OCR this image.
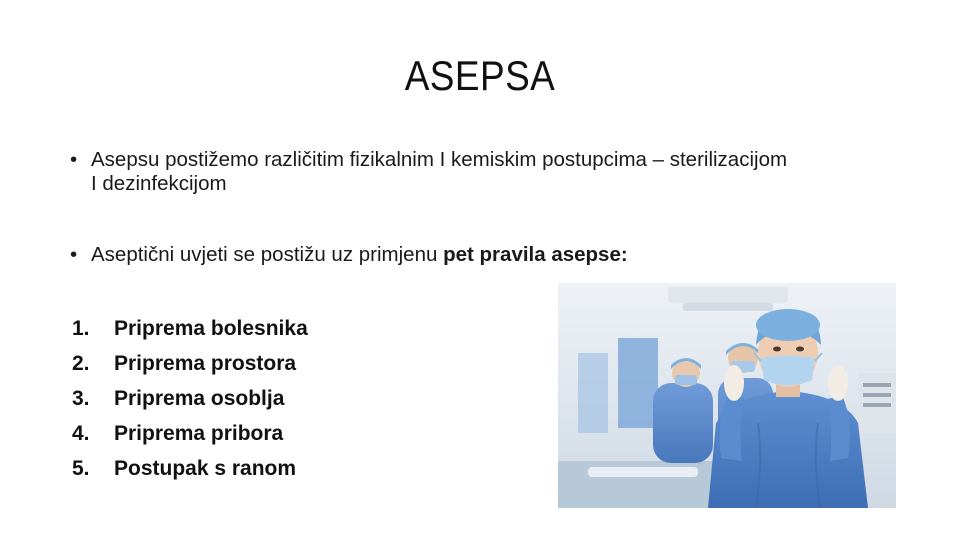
ASEPSA
• Asepsu postižemo različitim fizikalnim I kemiskim postupcima – sterilizacijom I dezinfekcijom
• Aseptični uvjeti se postižu uz primjenu pet pravila asepse:
1.	Priprema bolesnika
2.	Priprema prostora
3.	Priprema osoblja
4.	Priprema pribora
5.	Postupak s ranom
